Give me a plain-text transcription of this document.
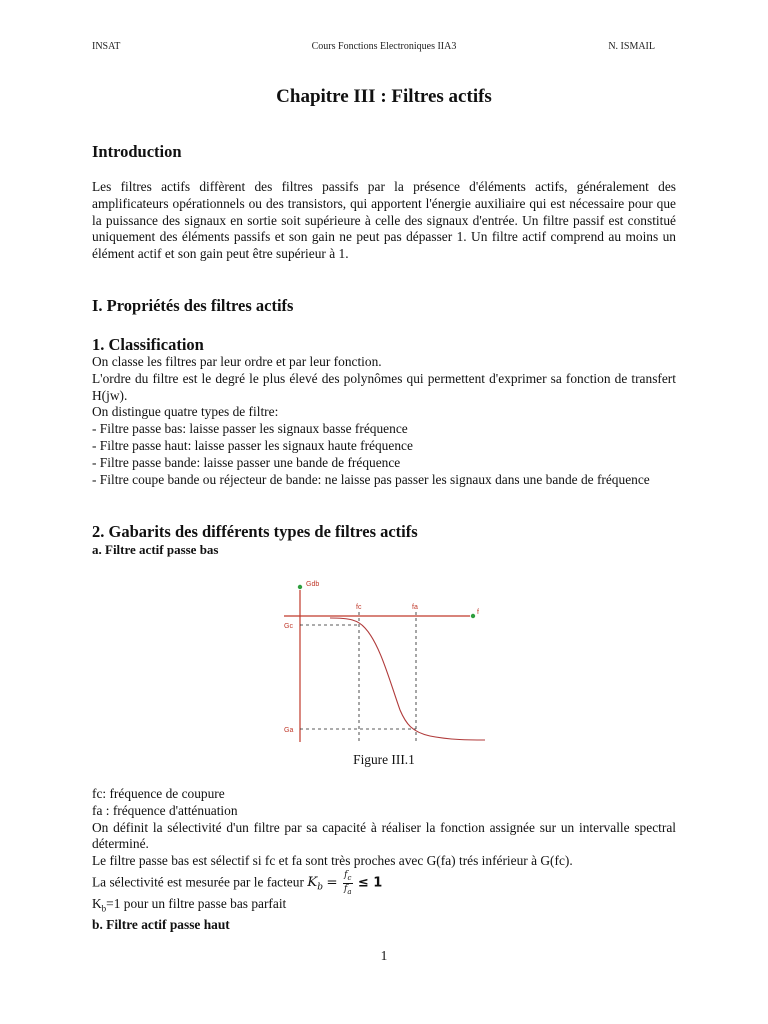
INSAT	Cours Fonctions Electroniques IIA3	N. ISMAIL
Chapitre III : Filtres actifs
Introduction
Les filtres actifs diffèrent des filtres passifs par la présence d'éléments actifs, généralement des amplificateurs opérationnels ou des transistors, qui apportent l'énergie auxiliaire qui est nécessaire pour que la puissance des signaux en sortie soit supérieure à celle des signaux d'entrée. Un filtre passif est constitué uniquement des éléments passifs et son gain ne peut pas dépasser 1. Un filtre actif comprend au moins un élément actif et son gain peut être supérieur à 1.
I. Propriétés des filtres actifs
1. Classification
On classe les filtres par leur ordre et par leur fonction.
L'ordre du filtre est le degré le plus élevé des polynômes qui permettent d'exprimer sa fonction de transfert H(jw).
On distingue quatre types de filtre:
- Filtre passe bas: laisse passer les signaux basse fréquence
- Filtre passe haut: laisse passer les signaux haute fréquence
- Filtre passe bande: laisse passer une bande de fréquence
- Filtre coupe bande ou réjecteur de bande: ne laisse pas passer les signaux dans une bande de fréquence
2. Gabarits des différents types de filtres actifs
a. Filtre actif passe bas
Gdb
f
fc	fa
Gc
Ga
Figure III.1
fc: fréquence de coupure
fa : fréquence d'atténuation
On définit la sélectivité d'un filtre par sa capacité à réaliser la fonction assignée sur un intervalle spectral déterminé.
Le filtre passe bas est sélectif si fc et fa sont très proches avec G(fa) trés inférieur à G(fc).
La sélectivité est mesurée par le facteur $K_b = \frac{f_c}{f_a} \le 1$
$K_b=1$ pour un filtre passe bas parfait
b. Filtre actif passe haut
1
